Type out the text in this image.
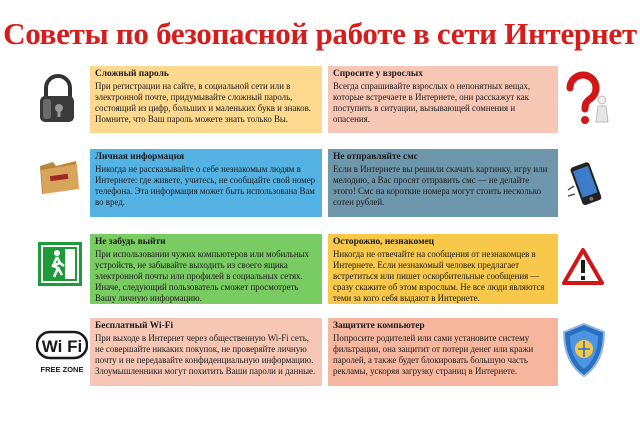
Советы по безопасной работе в сети Интернет
Сложный пароль
При регистрации на сайте, в социальной сети или в электронной почте, придумывайте сложный пароль, состоящий из цифр, больших и маленьких букв и знаков. Помните, что Ваш пароль можете знать только Вы.
Личная информация
Никогда не рассказывайте о себе незнакомым людям в Интернете: где живете, учитесь, не сообщайте свой номер телефона. Эта информация может быть использована Вам во вред.
Не забудь выйти
При использовании чужих компьютеров или мобильных устройств, не забывайте выходить из своего ящика электронной почты или профилей в социальных сетях. Иначе, следующий пользователь сможет просмотреть Вашу личную информацию.
Wi Fi
FREE ZONE
Бесплатный Wi-Fi
При выходе в Интернет через общественную Wi-Fi сеть, не совершайте никаких покупок, не проверяйте личную почту и не передавайте конфиденциальную информацию. Злоумышленники могут похитить Ваши пароли и данные.
Спросите у взрослых
Всегда спрашивайте взрослых о непонятных вещах, которые встречаете в Интернете, они расскажут как поступить в ситуации, вызывающей сомнения и опасения.
Не отправляйте смс
Если в Интернете вы решили скачать картинку, игру или мелодию, а Вас просят отправить смс — не делайте этого! Смс на короткие номера могут стоить несколько сотен рублей.
Осторожно, незнакомец
Никогда не отвечайте на сообщения от незнакомцев в Интернете. Если незнакомый человек предлагает встретиться или пишет оскорбительные сообщения — сразу скажите об этом взрослым. Не все люди являются теми за кого себя выдают в Интернете.
Защитите компьютер
Попросите родителей или сами установите систему фильтрации, она защитит от потери денег или кражи паролей, а также будет блокировать большую часть рекламы, ускоряя загрузку страниц в Интернете.
